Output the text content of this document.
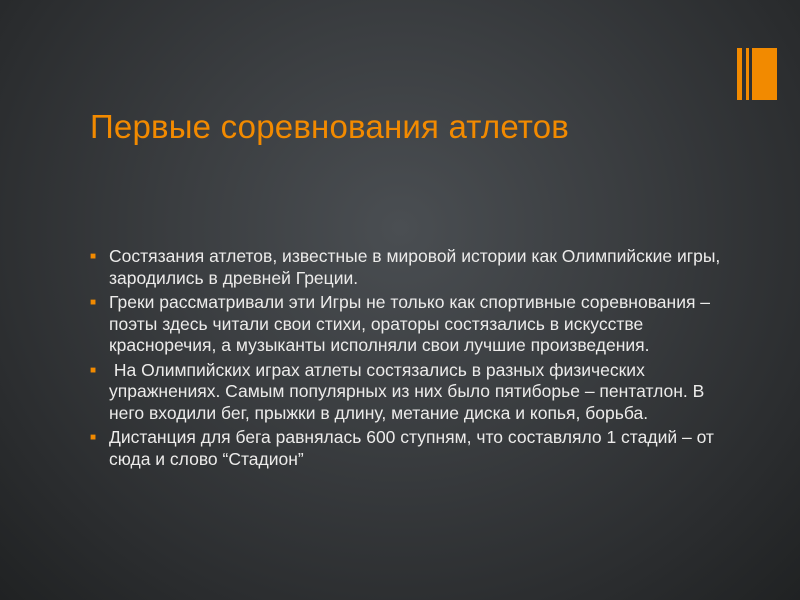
Первые соревнования атлетов
■ Состязания атлетов, известные в мировой истории как Олимпийские игры, зародились в древней Греции.
■ Греки рассматривали эти Игры не только как спортивные соревнования – поэты здесь читали свои стихи, ораторы состязались в искусстве красноречия, а музыканты исполняли свои лучшие произведения.
■ На Олимпийских играх атлеты состязались в разных физических упражнениях. Самым популярных из них было пятиборье – пентатлон. В него входили бег, прыжки в длину, метание диска и копья, борьба.
■ Дистанция для бега равнялась 600 ступням, что составляло 1 стадий – от сюда и слово “Стадион”
